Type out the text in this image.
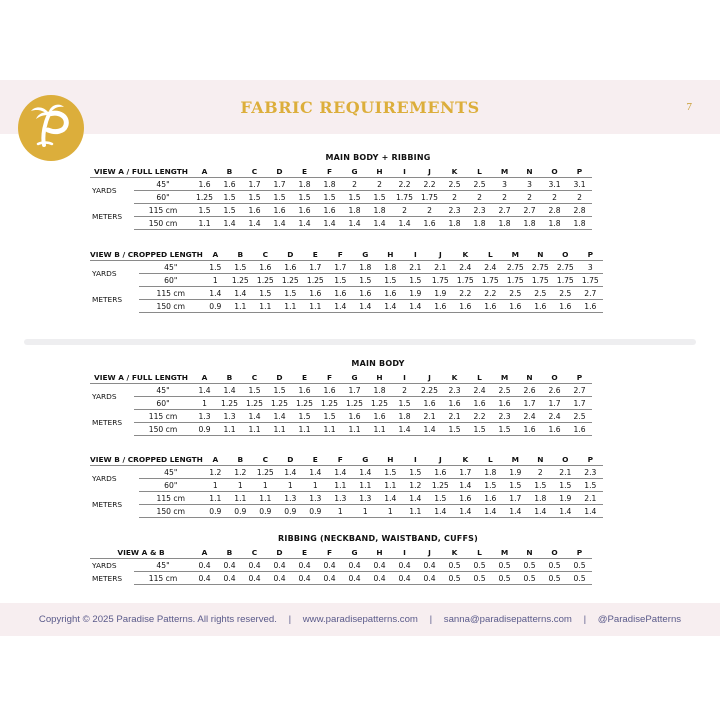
FABRIC REQUIREMENTS	7
MAIN BODY + RIBBING
VIEW A / FULL LENGTH			A	B	C	D	E	F	G	H	I	J	K	L	M	N	O	P
YARDS		45"	1.6	1.6	1.7	1.7	1.8	1.8	2	2	2.2	2.2	2.5	2.5	3	3	3.1	3.1
		60"	1.25	1.5	1.5	1.5	1.5	1.5	1.5	1.5	1.75	1.75	2	2	2	2	2	2
METERS		115 cm	1.5	1.5	1.6	1.6	1.6	1.6	1.8	1.8	2	2	2.3	2.3	2.7	2.7	2.8	2.8
		150 cm	1.1	1.4	1.4	1.4	1.4	1.4	1.4	1.4	1.4	1.6	1.8	1.8	1.8	1.8	1.8	1.8
VIEW B / CROPPED LENGTH			A	B	C	D	E	F	G	H	I	J	K	L	M	N	O	P
YARDS		45"	1.5	1.5	1.6	1.6	1.7	1.7	1.8	1.8	2.1	2.1	2.4	2.4	2.75	2.75	2.75	3
		60"	1	1.25	1.25	1.25	1.25	1.5	1.5	1.5	1.5	1.75	1.75	1.75	1.75	1.75	1.75	1.75
METERS		115 cm	1.4	1.4	1.5	1.5	1.6	1.6	1.6	1.6	1.9	1.9	2.2	2.2	2.5	2.5	2.5	2.7
		150 cm	0.9	1.1	1.1	1.1	1.1	1.4	1.4	1.4	1.4	1.6	1.6	1.6	1.6	1.6	1.6	1.6
MAIN BODY
VIEW A / FULL LENGTH			A	B	C	D	E	F	G	H	I	J	K	L	M	N	O	P
YARDS		45"	1.4	1.4	1.5	1.5	1.6	1.6	1.7	1.8	2	2.25	2.3	2.4	2.5	2.6	2.6	2.7
		60"	1	1.25	1.25	1.25	1.25	1.25	1.25	1.25	1.5	1.6	1.6	1.6	1.6	1.7	1.7	1.7
METERS		115 cm	1.3	1.3	1.4	1.4	1.5	1.5	1.6	1.6	1.8	2.1	2.1	2.2	2.3	2.4	2.4	2.5
		150 cm	0.9	1.1	1.1	1.1	1.1	1.1	1.1	1.1	1.4	1.4	1.5	1.5	1.5	1.6	1.6	1.6
VIEW B / CROPPED LENGTH			A	B	C	D	E	F	G	H	I	J	K	L	M	N	O	P
YARDS		45"	1.2	1.2	1.25	1.4	1.4	1.4	1.4	1.5	1.5	1.6	1.7	1.8	1.9	2	2.1	2.3
		60"	1	1	1	1	1	1.1	1.1	1.1	1.2	1.25	1.4	1.5	1.5	1.5	1.5	1.5
METERS		115 cm	1.1	1.1	1.1	1.3	1.3	1.3	1.3	1.4	1.4	1.5	1.6	1.6	1.7	1.8	1.9	2.1
		150 cm	0.9	0.9	0.9	0.9	0.9	1	1	1	1.1	1.4	1.4	1.4	1.4	1.4	1.4	1.4
RIBBING (NECKBAND, WAISTBAND, CUFFS)
VIEW A & B			A	B	C	D	E	F	G	H	I	J	K	L	M	N	O	P
YARDS		45"	0.4	0.4	0.4	0.4	0.4	0.4	0.4	0.4	0.4	0.4	0.5	0.5	0.5	0.5	0.5	0.5
METERS		115 cm	0.4	0.4	0.4	0.4	0.4	0.4	0.4	0.4	0.4	0.4	0.5	0.5	0.5	0.5	0.5	0.5
Copyright © 2025 Paradise Patterns. All rights reserved. | www.paradisepatterns.com | sanna@paradisepatterns.com | @ParadisePatterns
